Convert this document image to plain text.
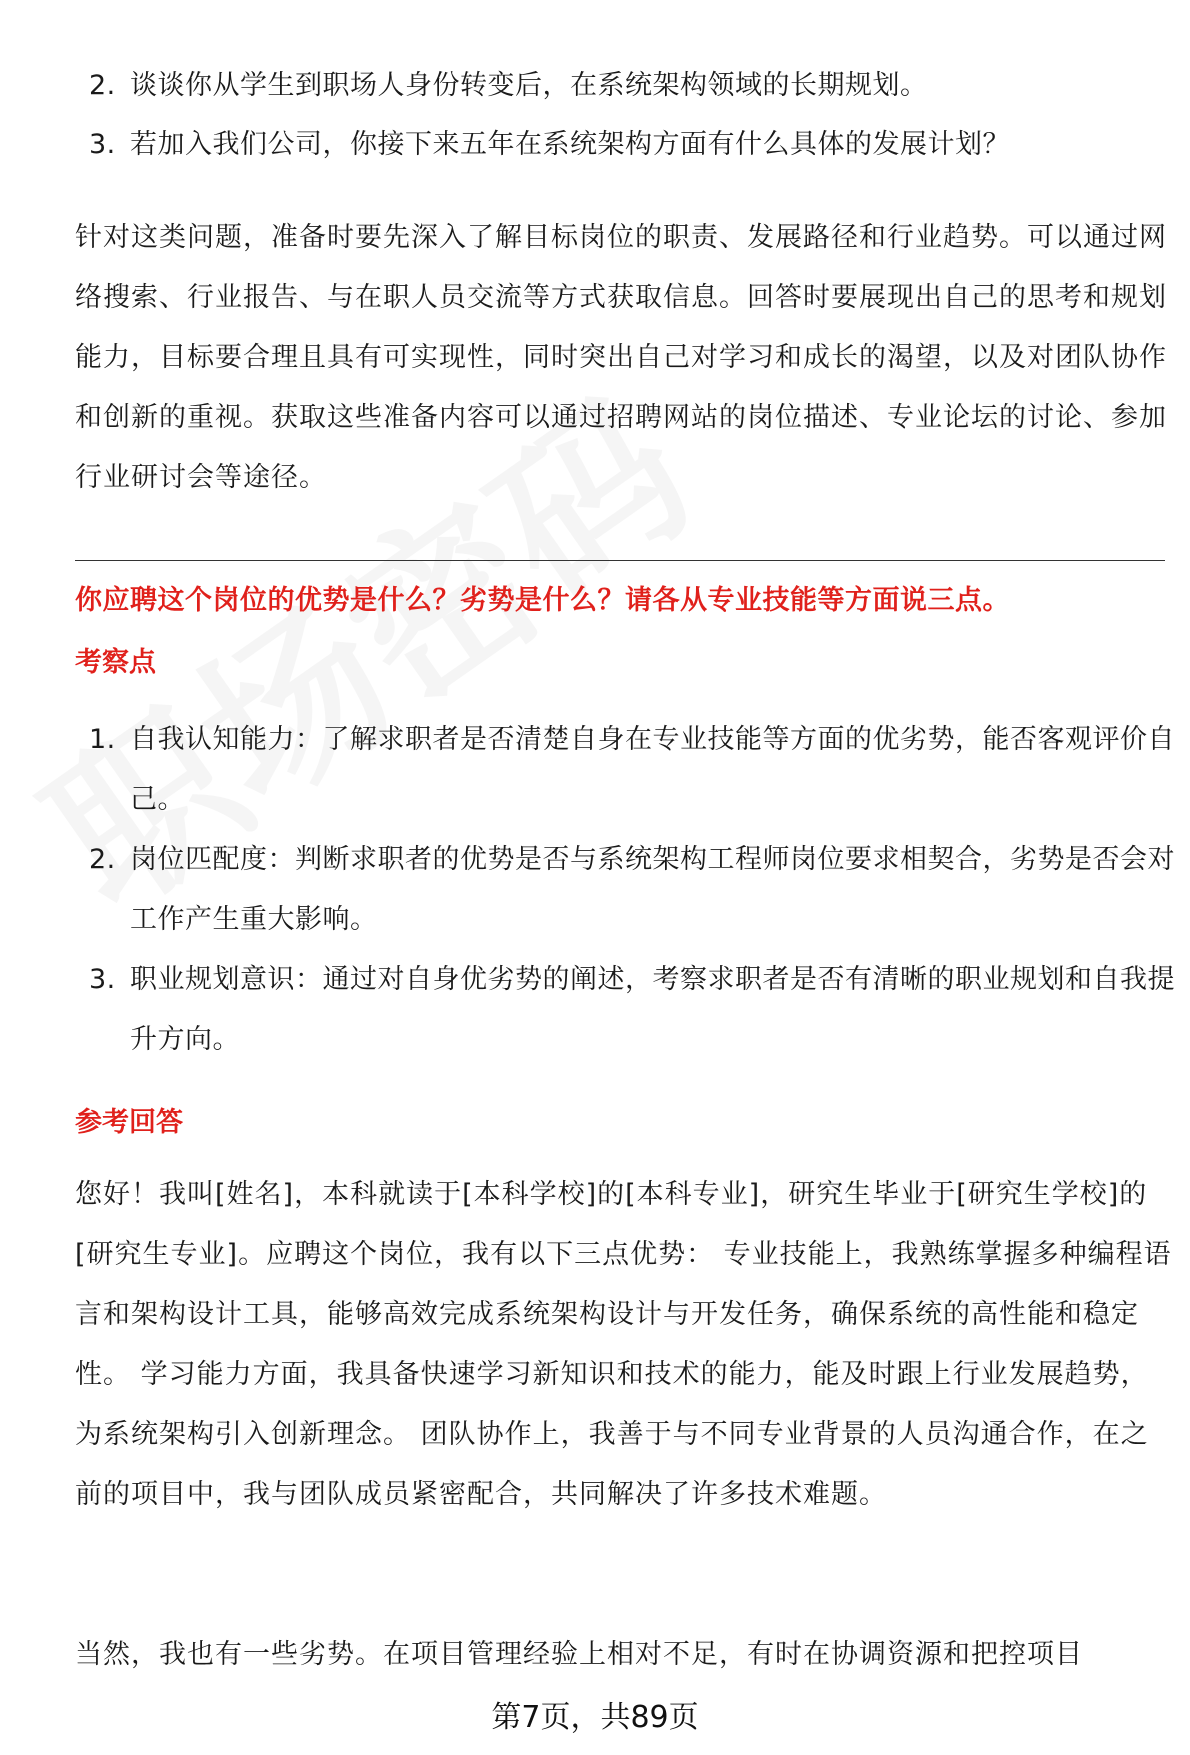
2. 谈谈你从学生到职场人身份转变后，在系统架构领域的长期规划。
3. 若加入我们公司，你接下来五年在系统架构方面有什么具体的发展计划？

针对这类问题，准备时要先深入了解目标岗位的职责、发展路径和行业趋势。可以通过网络搜索、行业报告、与在职人员交流等方式获取信息。回答时要展现出自己的思考和规划能力，目标要合理且具有可实现性，同时突出自己对学习和成长的渴望，以及对团队协作和创新的重视。获取这些准备内容可以通过招聘网站的岗位描述、专业论坛的讨论、参加行业研讨会等途径。

你应聘这个岗位的优势是什么？劣势是什么？请各从专业技能等方面说三点。

考察点

1. 自我认知能力：了解求职者是否清楚自身在专业技能等方面的优劣势，能否客观评价自己。
2. 岗位匹配度：判断求职者的优势是否与系统架构工程师岗位要求相契合，劣势是否会对工作产生重大影响。
3. 职业规划意识：通过对自身优劣势的阐述，考察求职者是否有清晰的职业规划和自我提升方向。

参考回答

您好！我叫[姓名]，本科就读于[本科学校]的[本科专业]，研究生毕业于[研究生学校]的[研究生专业]。应聘这个岗位，我有以下三点优势： 专业技能上，我熟练掌握多种编程语言和架构设计工具，能够高效完成系统架构设计与开发任务，确保系统的高性能和稳定性。 学习能力方面，我具备快速学习新知识和技术的能力，能及时跟上行业发展趋势，为系统架构引入创新理念。 团队协作上，我善于与不同专业背景的人员沟通合作，在之前的项目中，我与团队成员紧密配合，共同解决了许多技术难题。

当然，我也有一些劣势。在项目管理经验上相对不足，有时在协调资源和把控项目

第7页，共89页
